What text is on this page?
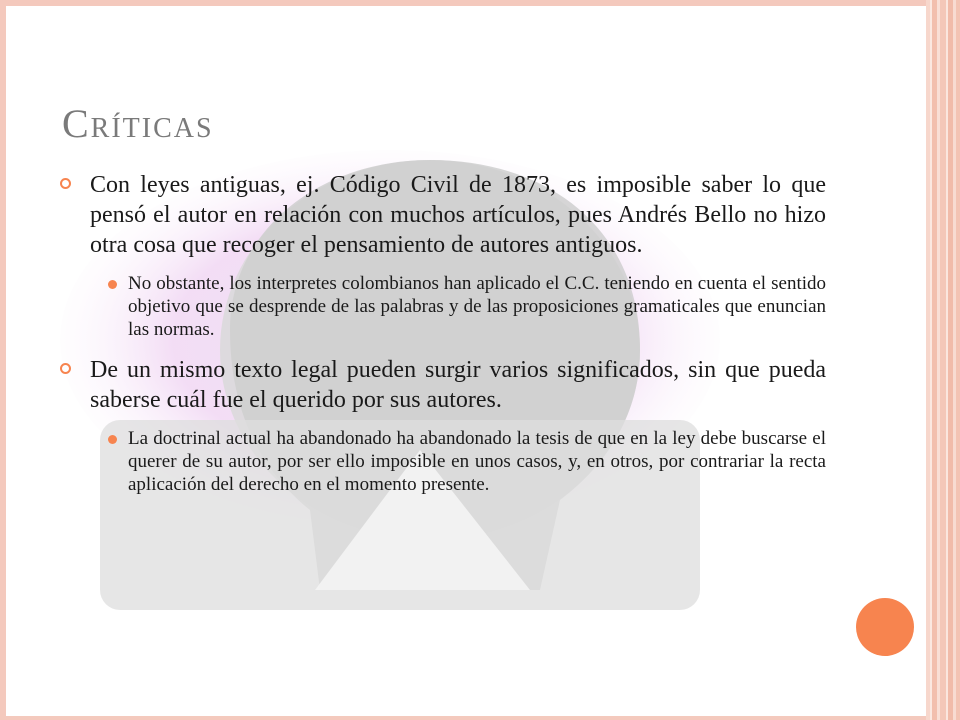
Críticas
Con leyes antiguas, ej. Código Civil de 1873, es imposible saber lo que pensó el autor en relación con muchos artículos, pues Andrés Bello no hizo otra cosa que recoger el pensamiento de autores antiguos.
No obstante, los interpretes colombianos han aplicado el C.C. teniendo en cuenta el sentido objetivo que se desprende de las palabras y de las proposiciones gramaticales que enuncian las normas.
De un mismo texto legal pueden surgir varios significados, sin que pueda saberse cuál fue el querido por sus autores.
La doctrinal actual ha abandonado ha abandonado la tesis de que en la ley debe buscarse el querer de su autor, por ser ello imposible en unos casos, y, en otros, por contrariar la recta aplicación del derecho en el momento presente.
